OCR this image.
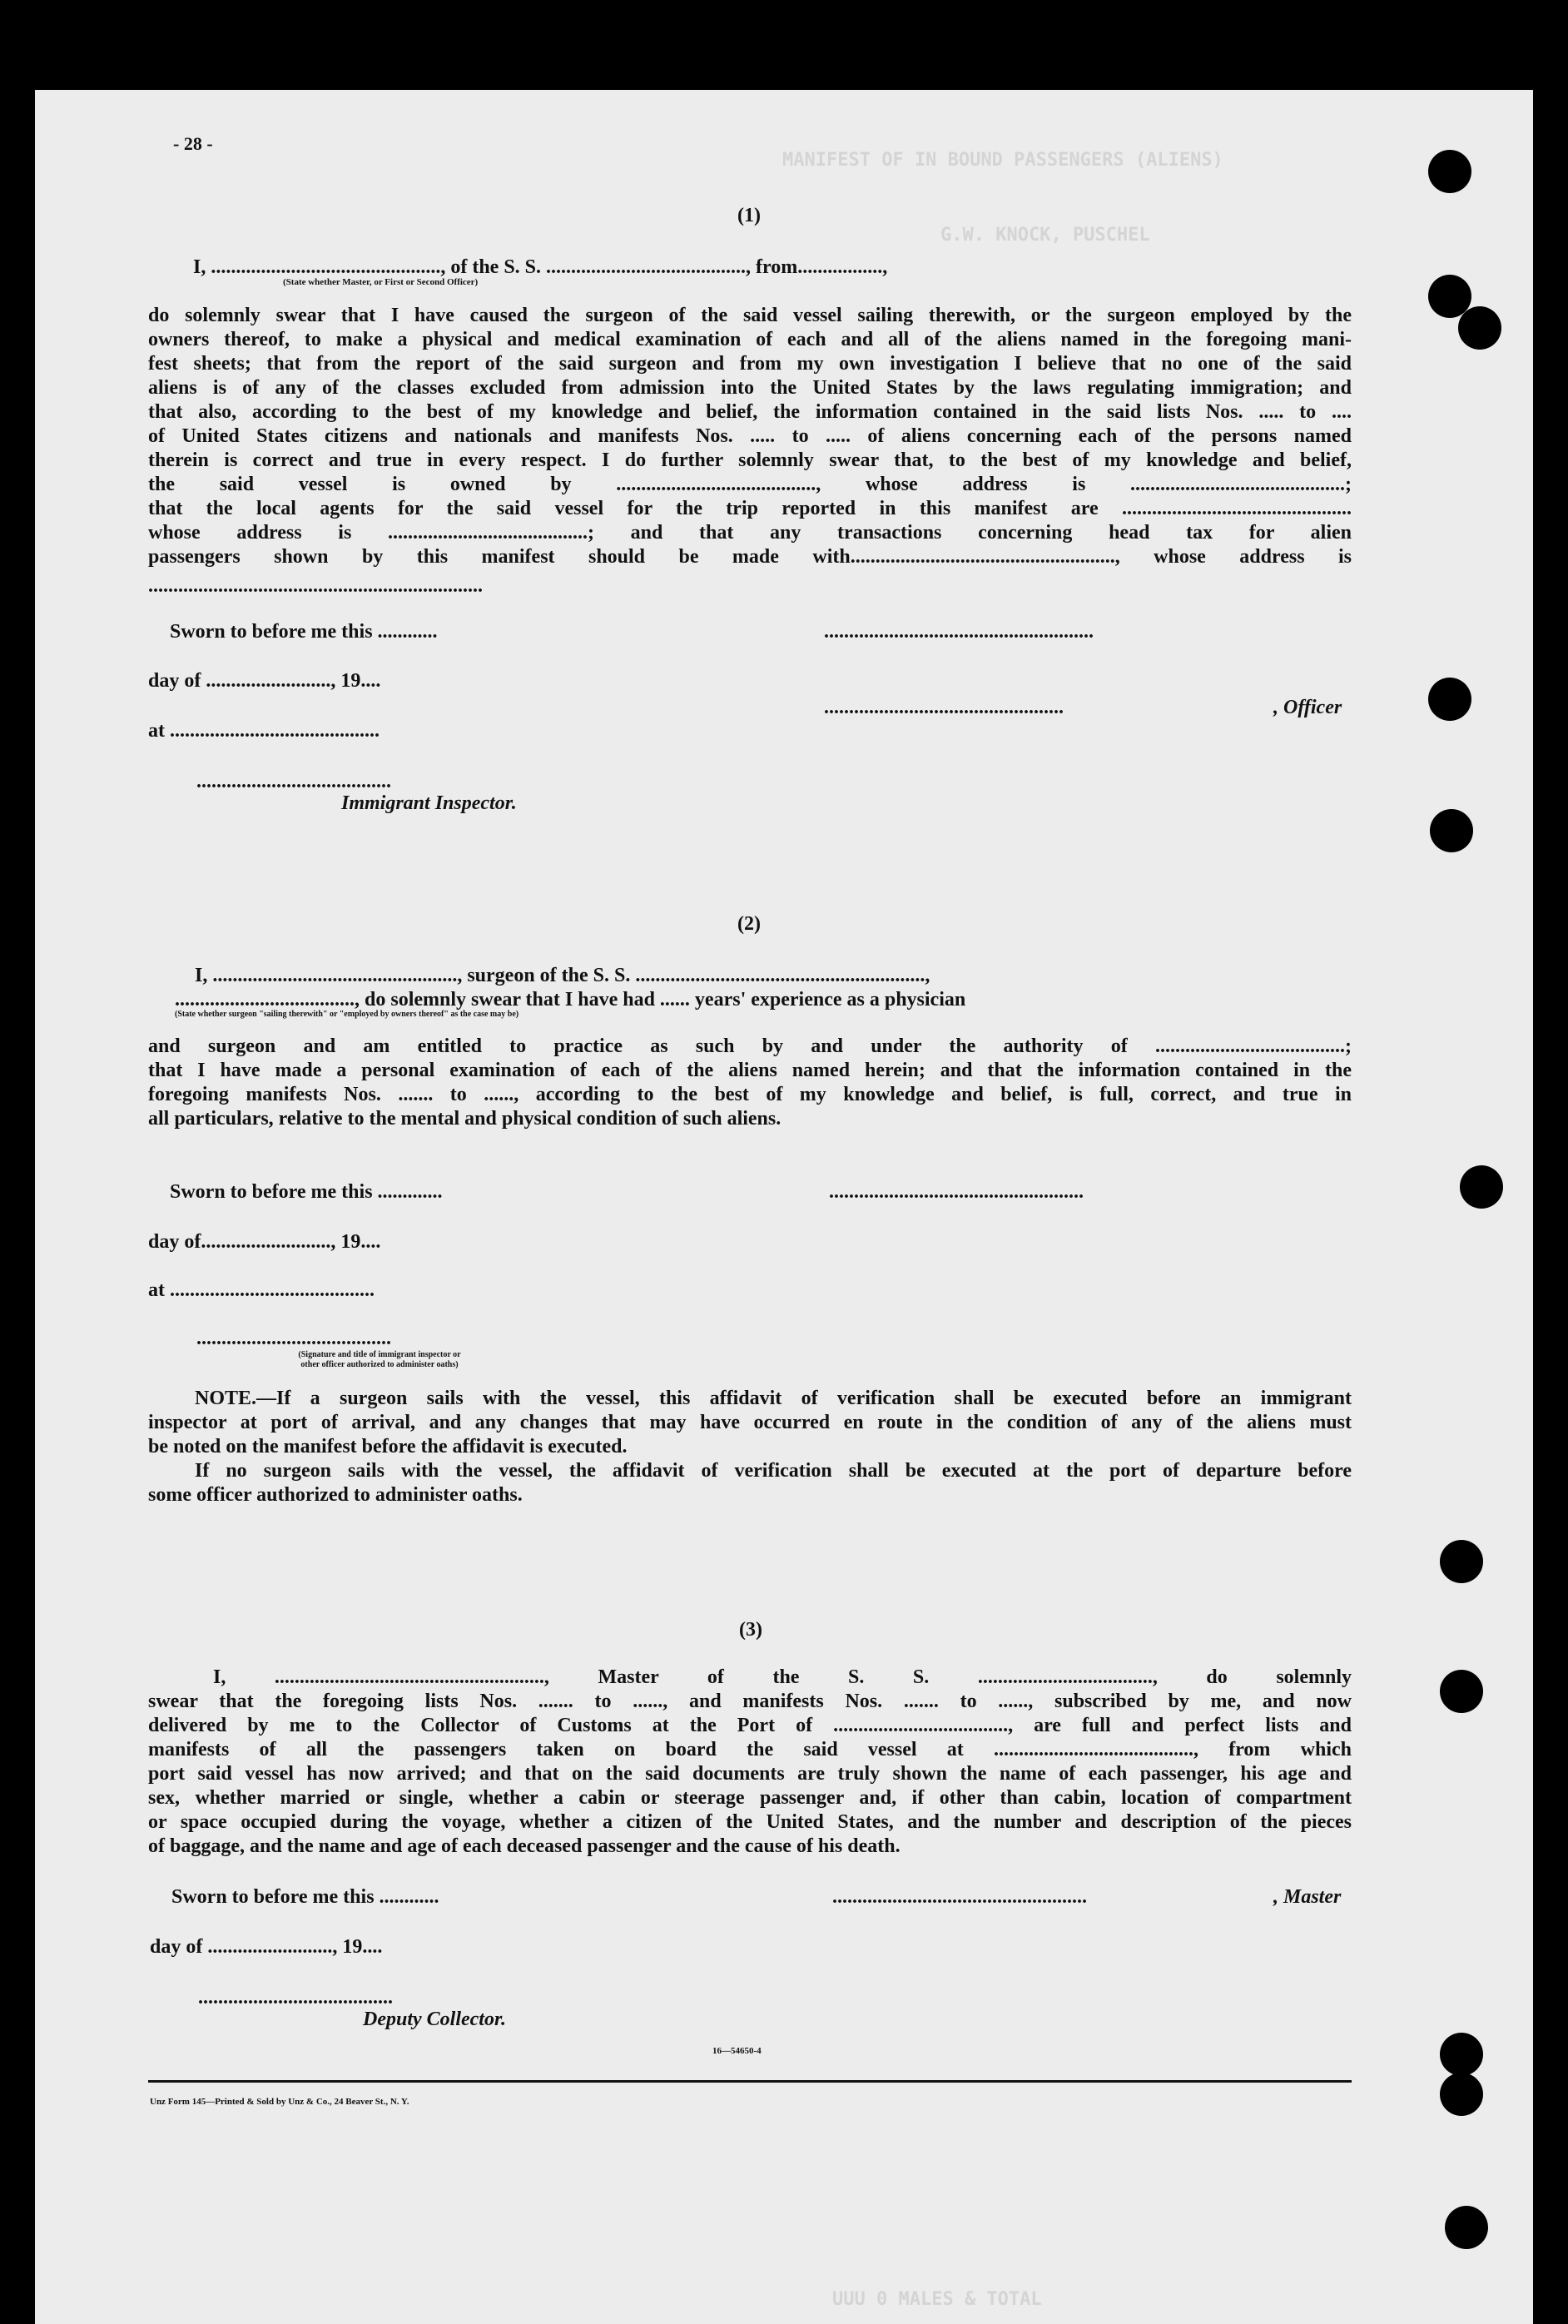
MANIFEST OF IN BOUND PASSENGERS (ALIENS)
G.W. KNOCK, PUSCHEL
UUU 0 MALES & TOTAL
- 28 -
(1)
I, .............................................., of the S. S. ........................................, from.................,
(State whether Master, or First or Second Officer)
do solemnly swear that I have caused the surgeon of the said vessel sailing therewith, or the surgeon employed by the
owners thereof, to make a physical and medical examination of each and all of the aliens named in the foregoing mani-
fest sheets; that from the report of the said surgeon and from my own investigation I believe that no one of the said
aliens is of any of the classes excluded from admission into the United States by the laws regulating immigration; and
that also, according to the best of my knowledge and belief, the information contained in the said lists Nos. ..... to ....
of United States citizens and nationals and manifests Nos. ..... to ..... of aliens concerning each of the persons named
therein is correct and true in every respect. I do further solemnly swear that, to the best of my knowledge and belief,
the said vessel is owned by ........................................, whose address is ...........................................;
that the local agents for the said vessel for the trip reported in this manifest are ..............................................
whose address is ........................................; and that any transactions concerning head tax for alien
passengers shown by this manifest should be made with....................................................., whose address is
...................................................................
Sworn to before me this ............	......................................................
day of ........................., 19....
................................................	, Officer
at ..........................................
.......................................
Immigrant Inspector.
(2)
I, ................................................., surgeon of the S. S. ..........................................................,
...................................., do solemnly swear that I have had ...... years' experience as a physician
(State whether surgeon "sailing therewith" or "employed by owners thereof" as the case may be)
and surgeon and am entitled to practice as such by and under the authority of ......................................;
that I have made a personal examination of each of the aliens named herein; and that the information contained in the
foregoing manifests Nos. ....... to ......, according to the best of my knowledge and belief, is full, correct, and true in
all particulars, relative to the mental and physical condition of such aliens.
Sworn to before me this .............	...................................................
day of.........................., 19....
at .........................................
.......................................
(Signature and title of immigrant inspector or
other officer authorized to administer oaths)
NOTE.—If a surgeon sails with the vessel, this affidavit of verification shall be executed before an immigrant
inspector at port of arrival, and any changes that may have occurred en route in the condition of any of the aliens must
be noted on the manifest before the affidavit is executed.
If no surgeon sails with the vessel, the affidavit of verification shall be executed at the port of departure before
some officer authorized to administer oaths.
(3)
I, ......................................................, Master of the S. S. ..................................., do solemnly
swear that the foregoing lists Nos. ....... to ......, and manifests Nos. ....... to ......, subscribed by me, and now
delivered by me to the Collector of Customs at the Port of ..................................., are full and perfect lists and
manifests of all the passengers taken on board the said vessel at ........................................, from which
port said vessel has now arrived; and that on the said documents are truly shown the name of each passenger, his age and
sex, whether married or single, whether a cabin or steerage passenger and, if other than cabin, location of compartment
or space occupied during the voyage, whether a citizen of the United States, and the number and description of the pieces
of baggage, and the name and age of each deceased passenger and the cause of his death.
Sworn to before me this ............	...................................................	, Master
day of ........................., 19....
.......................................
Deputy Collector.
16—54650-4
Unz Form 145—Printed & Sold by Unz & Co., 24 Beaver St., N. Y.
